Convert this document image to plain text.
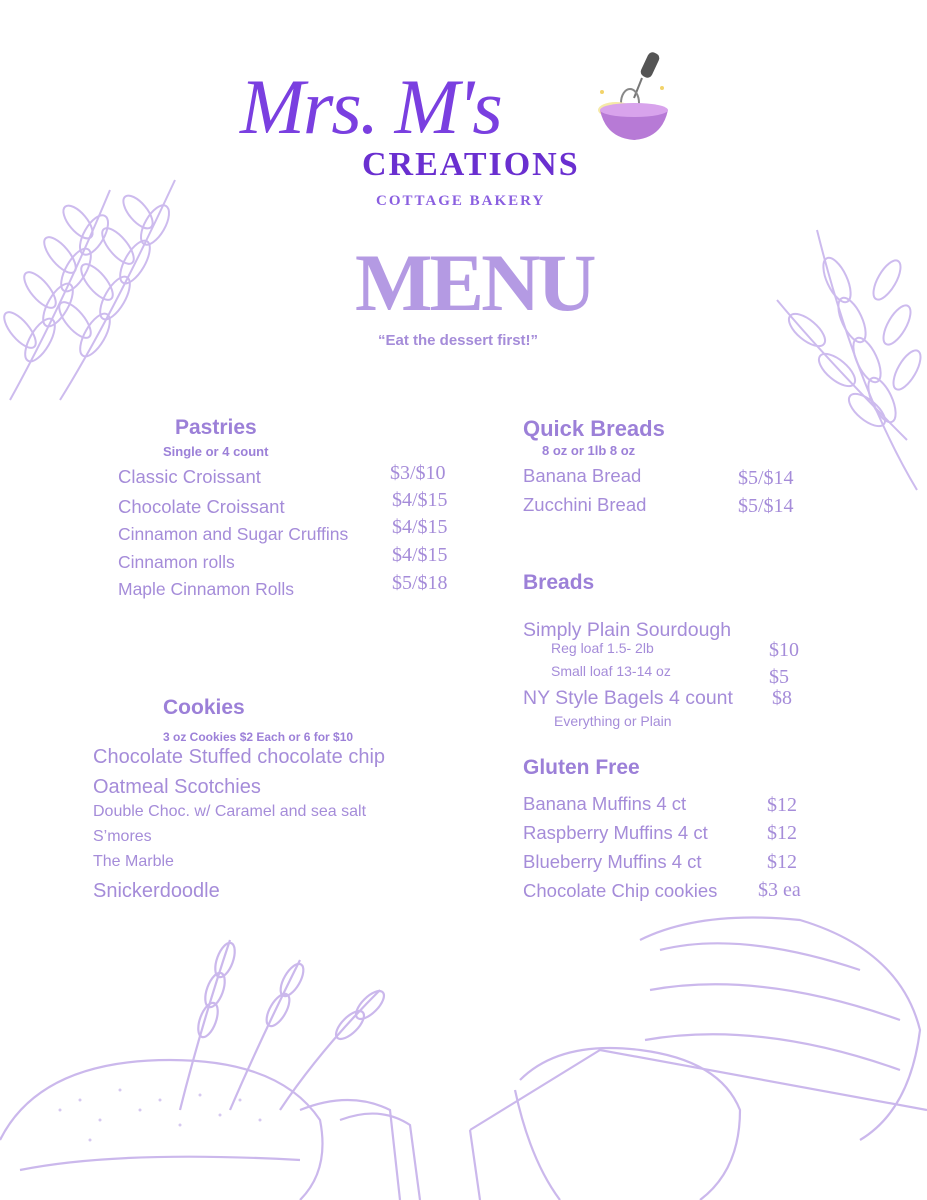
Mrs. M's
CREATIONS
COTTAGE BAKERY
MENU
“Eat the dessert first!”
Pastries
Single or 4 count
Classic Croissant	$3/$10
Chocolate Croissant	$4/$15
Cinnamon and Sugar Cruffins $4/$15
Cinnamon rolls	$4/$15
Maple Cinnamon Rolls	$5/$18
Cookies
3 oz Cookies $2 Each or 6 for $10
Chocolate Stuffed chocolate chip
Oatmeal Scotchies
Double Choc. w/ Caramel and sea salt
S’mores
The Marble
Snickerdoodle
Quick Breads
8 oz or 1lb 8 oz
Banana Bread	$5/$14
Zucchini Bread	$5/$14
Breads
Simply Plain Sourdough
Reg loaf 1.5- 2lb	$10
Small loaf 13-14 oz	$5
NY Style Bagels 4 count $8
Everything or Plain
Gluten Free
Banana Muffins 4 ct	$12
Raspberry Muffins 4 ct	$12
Blueberry Muffins 4 ct	$12
Chocolate Chip cookies $3 ea
